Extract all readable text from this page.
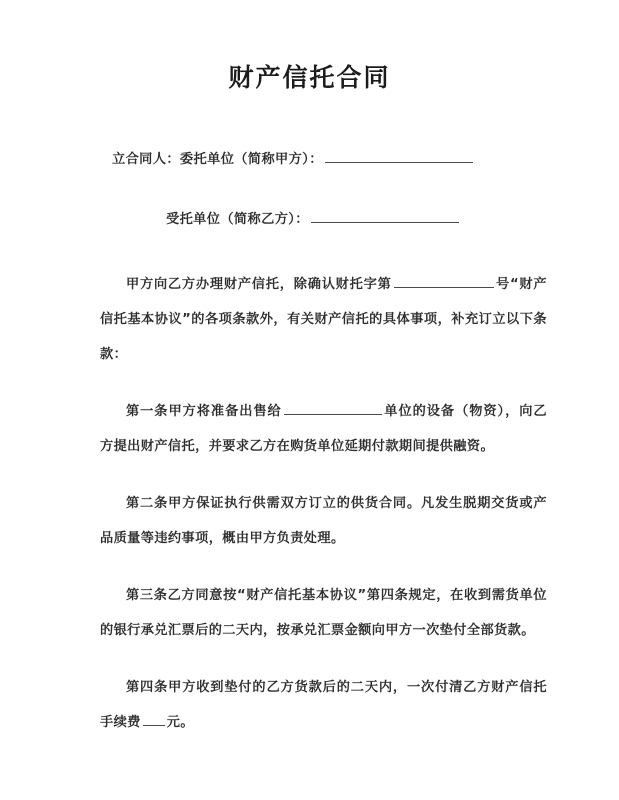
财产信托合同

立合同人：委托单位（简称甲方）：

受托单位（简称乙方）：

甲方向乙方办理财产信托，除确认财托字第	号“财产信托基本协议”的各项条款外，有关财产信托的具体事项，补充订立以下条款：

第一条甲方将准备出售给	单位的设备（物资），向乙方提出财产信托，并要求乙方在购货单位延期付款期间提供融资。

第二条甲方保证执行供需双方订立的供货合同。凡发生脱期交货或产品质量等违约事项，概由甲方负责处理。

第三条乙方同意按“财产信托基本协议”第四条规定，在收到需货单位的银行承兑汇票后的二天内，按承兑汇票金额向甲方一次垫付全部货款。

第四条甲方收到垫付的乙方货款后的二天内，一次付清乙方财产信托手续费 元。
